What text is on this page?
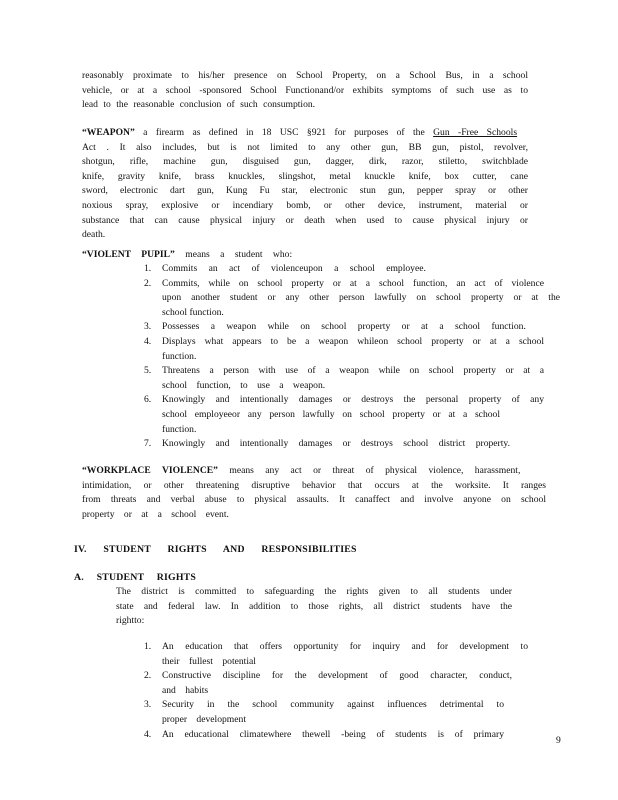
reasonably proximate to his/her presence on School Property, on a School Bus, in a school
vehicle, or at a school -sponsored School Functionand/or exhibits symptoms of such use as to
lead to the reasonable conclusion of such consumption.
“WEAPON” a firearm as defined in 18 USC §921 for purposes of the Gun -Free Schools
Act . It also includes, but is not limited to any other gun, BB gun, pistol, revolver,
shotgun, rifle, machine gun, disguised gun, dagger, dirk, razor, stiletto, switchblade
knife, gravity knife, brass knuckles, slingshot, metal knuckle knife, box cutter, cane
sword, electronic dart gun, Kung Fu star, electronic stun gun, pepper spray or other
noxious spray, explosive or incendiary bomb, or other device, instrument, material or
substance that can cause physical injury or death when used to cause physical injury or
death.
“VIOLENT PUPIL” means a student who:
1. Commits an act of violenceupon a school employee.
2. Commits, while on school property or at a school function, an act of violence
upon another student or any other person lawfully on school property or at the
school function.
3. Possesses a weapon while on school property or at a school function.
4. Displays what appears to be a weapon whileon school property or at a school
function.
5. Threatens a person with use of a weapon while on school property or at a
school function, to use a weapon.
6. Knowingly and intentionally damages or destroys the personal property of any
school employeeor any person lawfully on school property or at a school
function.
7. Knowingly and intentionally damages or destroys school district property.
“WORKPLACE VIOLENCE” means any act or threat of physical violence, harassment,
intimidation, or other threatening disruptive behavior that occurs at the worksite. It ranges
from threats and verbal abuse to physical assaults. It canaffect and involve anyone on school
property or at a school event.
IV. STUDENT RIGHTS AND RESPONSIBILITIES
A. STUDENT RIGHTS
The district is committed to safeguarding the rights given to all students under
state and federal law. In addition to those rights, all district students have the
rightto:
1. An education that offers opportunity for inquiry and for development to
their fullest potential
2. Constructive discipline for the development of good character, conduct,
and habits
3. Security in the school community against influences detrimental to
proper development
4. An educational climatewhere thewell -being of students is of primary
9
